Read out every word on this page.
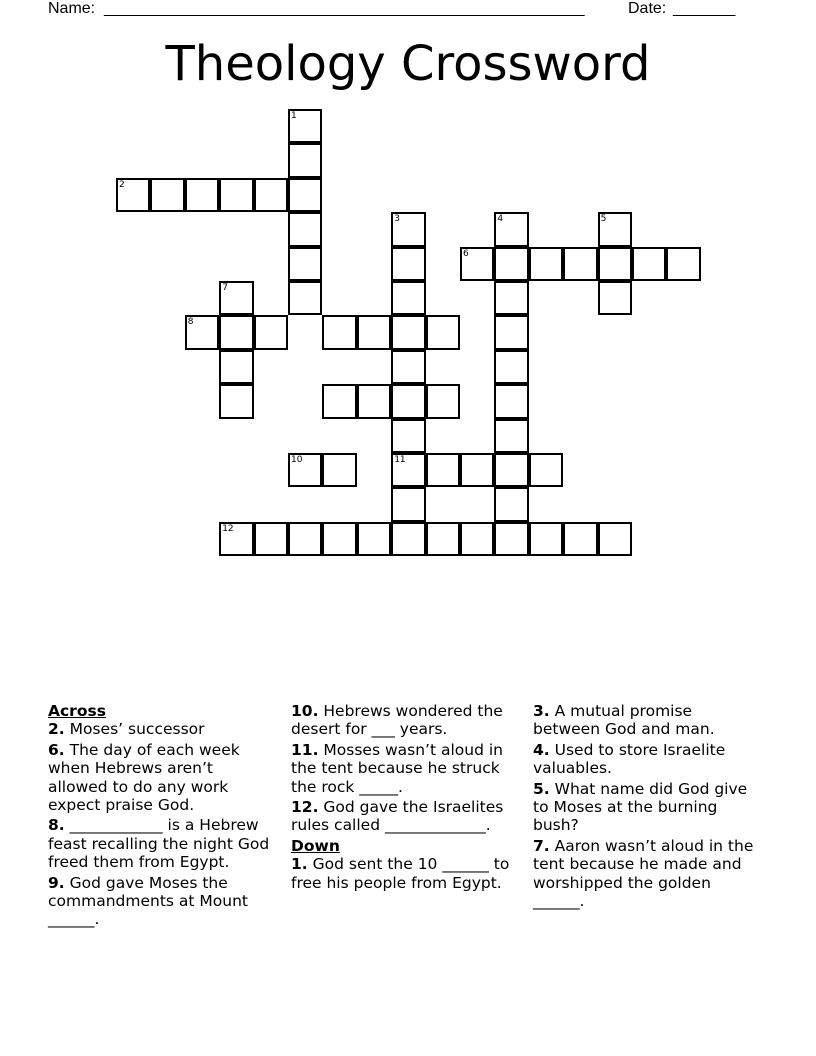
Name: ______________________________________________________	Date: _______
Theology Crossword
1
2
3
11
4	5
6
7
8
10
12
Across
2. Moses’ successor
6. The day of each week when Hebrews aren’t allowed to do any work expect praise God.
8. ____________ is a Hebrew feast recalling the night God freed them from Egypt.
9. God gave Moses the commandments at Mount ______.
10. Hebrews wondered the desert for ___ years.
11. Mosses wasn’t aloud in the tent because he struck the rock _____.
12. God gave the Israelites rules called _____________.
Down
1. God sent the 10 ______ to free his people from Egypt.
3. A mutual promise between God and man.
4. Used to store Israelite valuables.
5. What name did God give to Moses at the burning bush?
7. Aaron wasn’t aloud in the tent because he made and worshipped the golden ______.
